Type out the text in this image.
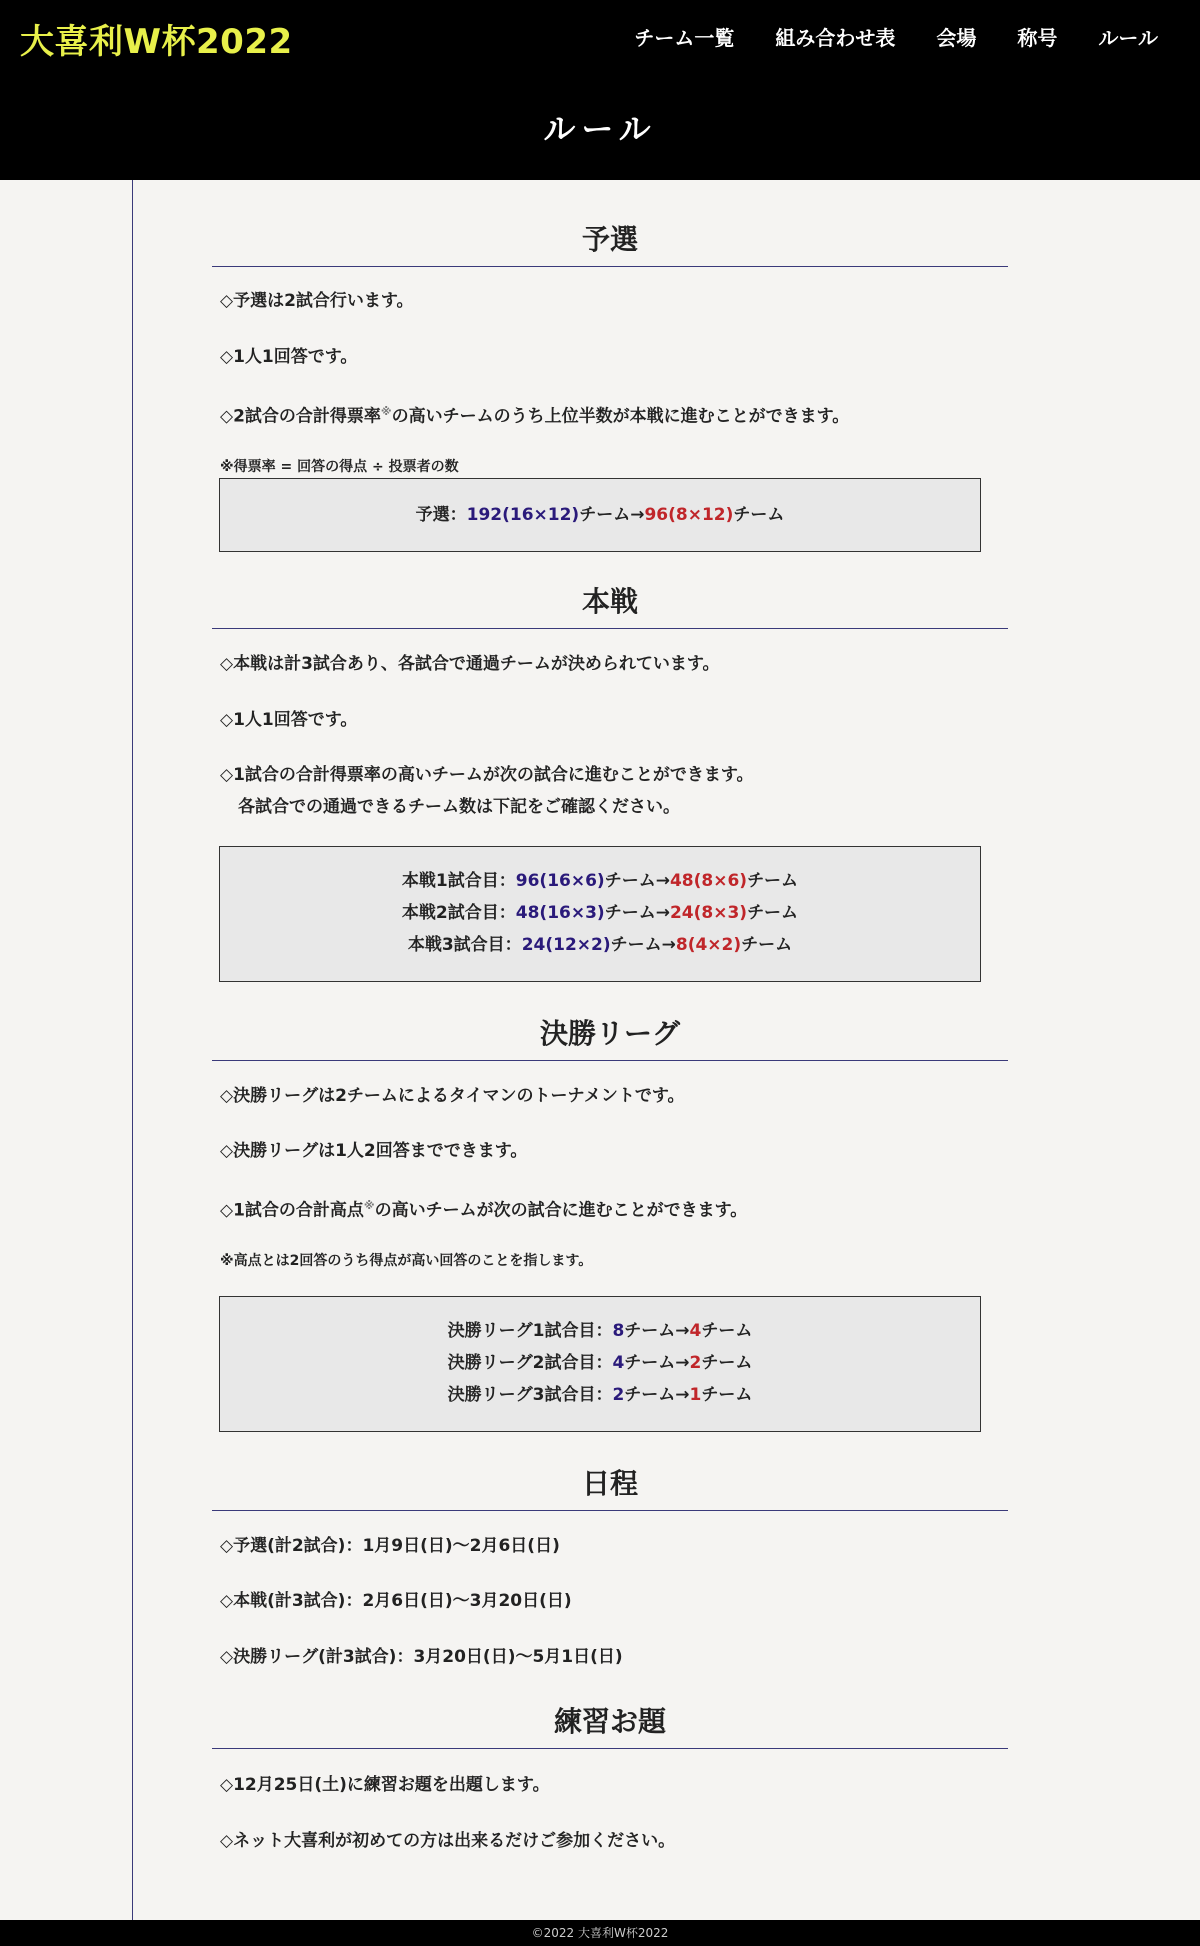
大喜利W杯2022	チーム一覧 組み合わせ表 会場 称号 ルール
ルール
予選
◇予選は2試合行います。
◇1人1回答です。
◇2試合の合計得票率※の高いチームのうち上位半数が本戦に進むことができます。
※得票率 = 回答の得点 ÷ 投票者の数
予選：192(16×12)チーム→96(8×12)チーム
本戦
◇本戦は計3試合あり、各試合で通過チームが決められています。
◇1人1回答です。
◇1試合の合計得票率の高いチームが次の試合に進むことができます。
各試合での通過できるチーム数は下記をご確認ください。
本戦1試合目：96(16×6)チーム→48(8×6)チーム
本戦2試合目：48(16×3)チーム→24(8×3)チーム
本戦3試合目：24(12×2)チーム→8(4×2)チーム
決勝リーグ
◇決勝リーグは2チームによるタイマンのトーナメントです。
◇決勝リーグは1人2回答までできます。
◇1試合の合計高点※の高いチームが次の試合に進むことができます。
※高点とは2回答のうち得点が高い回答のことを指します。
決勝リーグ1試合目：8チーム→4チーム
決勝リーグ2試合目：4チーム→2チーム
決勝リーグ3試合目：2チーム→1チーム
日程
◇予選(計2試合)：1月9日(日)〜2月6日(日)
◇本戦(計3試合)：2月6日(日)〜3月20日(日)
◇決勝リーグ(計3試合)：3月20日(日)〜5月1日(日)
練習お題
◇12月25日(土)に練習お題を出題します。
◇ネット大喜利が初めての方は出来るだけご参加ください。
©2022 大喜利W杯2022
